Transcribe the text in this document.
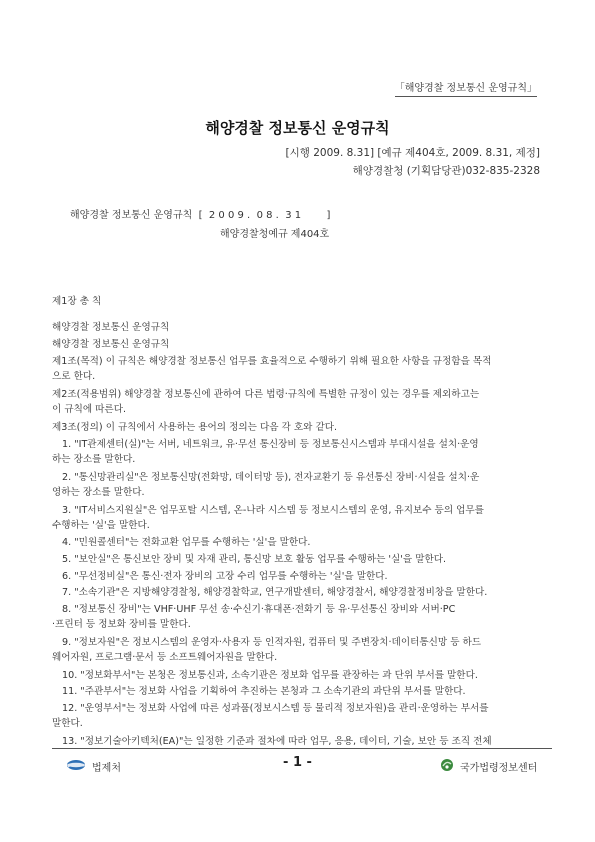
「해양경찰 정보통신 운영규칙」
해양경찰 정보통신 운영규칙
[시행 2009. 8.31] [예규 제404호, 2009. 8.31, 제정]
해양경찰청 (기획담당관)032-835-2328
해양경찰 정보통신 운영규칙  [  2 0 0 9 .  0 8 .  3 1        ]
해양경찰청예규 제404호
제1장 총 칙
해양경찰 정보통신 운영규칙
해양경찰 정보통신 운영규칙
제1조(목적) 이 규칙은 해양경찰 정보통신 업무를 효율적으로 수행하기 위해 필요한 사항을 규정함을 목적
으로 한다.
제2조(적용범위) 해양경찰 정보통신에 관하여 다른 법령·규칙에 특별한 규정이 있는 경우를 제외하고는
이 규칙에 따른다.
제3조(정의) 이 규칙에서 사용하는 용어의 정의는 다음 각 호와 같다.
1. "IT관제센터(실)"는 서버, 네트워크, 유·무선 통신장비 등 정보통신시스템과 부대시설을 설치·운영
하는 장소를 말한다.
2. "통신망관리실"은 정보통신망(전화망, 데이터망 등), 전자교환기 등 유선통신 장비·시설을 설치·운
영하는 장소를 말한다.
3. "IT서비스지원실"은 업무포탈 시스템, 온-나라 시스템 등 정보시스템의 운영, 유지보수 등의 업무를
수행하는 '실'을 말한다.
4. "민원콜센터"는 전화교환 업무를 수행하는 '실'을 말한다.
5. "보안실"은 통신보안 장비 및 자재 관리, 통신망 보호 활동 업무를 수행하는 '실'을 말한다.
6. "무선정비실"은 통신·전자 장비의 고장 수리 업무를 수행하는 '실'을 말한다.
7. "소속기관"은 지방해양경찰청, 해양경찰학교, 연구개발센터, 해양경찰서, 해양경찰정비창을 말한다.
8. "정보통신 장비"는 VHF·UHF 무선 송·수신기·휴대폰·전화기 등 유·무선통신 장비와 서버·PC
·프린터 등 정보화 장비를 말한다.
9. "정보자원"은 정보시스템의 운영자·사용자 등 인적자원, 컴퓨터 및 주변장치·데이터통신망 등 하드
웨어자원, 프로그램·문서 등 소프트웨어자원을 말한다.
10. "정보화부서"는 본청은 정보통신과, 소속기관은 정보화 업무를 관장하는 과 단위 부서를 말한다.
11. "주관부서"는 정보화 사업을 기획하여 추진하는 본청과 그 소속기관의 과단위 부서를 말한다.
12. "운영부서"는 정보화 사업에 따른 성과품(정보시스템 등 물리적 정보자원)을 관리·운영하는 부서를
말한다.
13. "정보기술아키텍처(EA)"는 일정한 기준과 절차에 따라 업무, 응용, 데이터, 기술, 보안 등 조직 전체
법제처	- 1 -	국가법령정보센터
